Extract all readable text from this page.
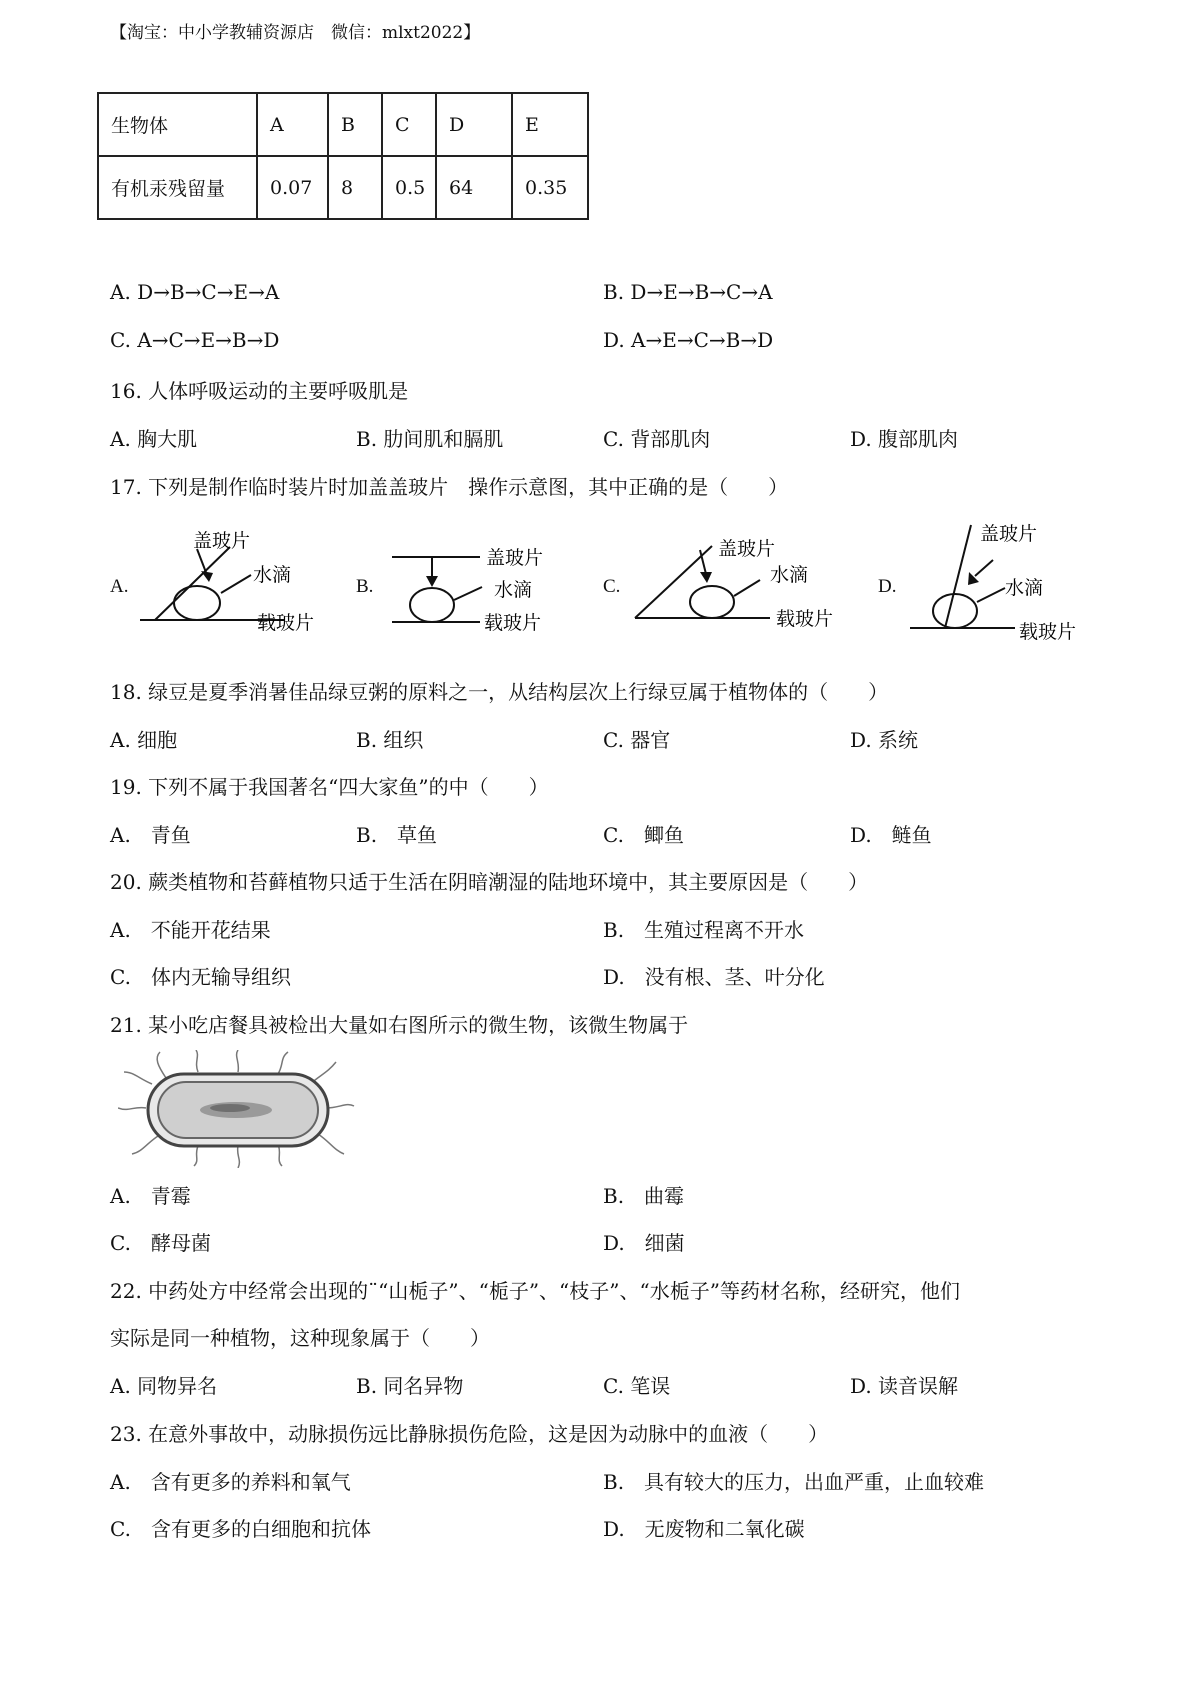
【淘宝：中小学教辅资源店　微信：mlxt2022】
生物体	A	B	C	D	E
有机汞残留量	0.07	8	0.5	64	0.35
A. D→B→C→E→A	B. D→E→B→C→A
C. A→C→E→B→D	D. A→E→C→B→D
16. 人体呼吸运动的主要呼吸肌是
A. 胸大肌	B. 肋间肌和膈肌	C. 背部肌肉	D. 腹部肌肉
17. 下列是制作临时装片时加盖盖玻片　操作示意图，其中正确的是（　　）
A.
盖玻片
水滴
载玻片
B.
盖玻片
水滴
载玻片
C.
盖玻片
水滴
载玻片
D.
盖玻片
水滴
载玻片
18. 绿豆是夏季消暑佳品绿豆粥的原料之一，从结构层次上行绿豆属于植物体的（　　）
A. 细胞	B. 组织	C. 器官	D. 系统
19. 下列不属于我国著名“四大家鱼”的中（　　）
A.　青鱼	B.　草鱼	C.　鲫鱼	D.　鲢鱼
20. 蕨类植物和苔藓植物只适于生活在阴暗潮湿的陆地环境中，其主要原因是（　　）
A.　不能开花结果	B.　生殖过程离不开水
C.　体内无输导组织	D.　没有根、茎、叶分化
21. 某小吃店餐具被检出大量如右图所示的微生物，该微生物属于
A.　青霉	B.　曲霉
C.　酵母菌	D.　细菌
22. 中药处方中经常会出现的¨“山栀子”、“栀子”、“枝子”、“水栀子”等药材名称，经研究，他们
实际是同一种植物，这种现象属于（　　）
A. 同物异名	B. 同名异物	C. 笔误	D. 读音误解
23. 在意外事故中，动脉损伤远比静脉损伤危险，这是因为动脉中的血液（　　）
A.　含有更多的养料和氧气	B.　具有较大的压力，出血严重，止血较难
C.　含有更多的白细胞和抗体	D.　无废物和二氧化碳
